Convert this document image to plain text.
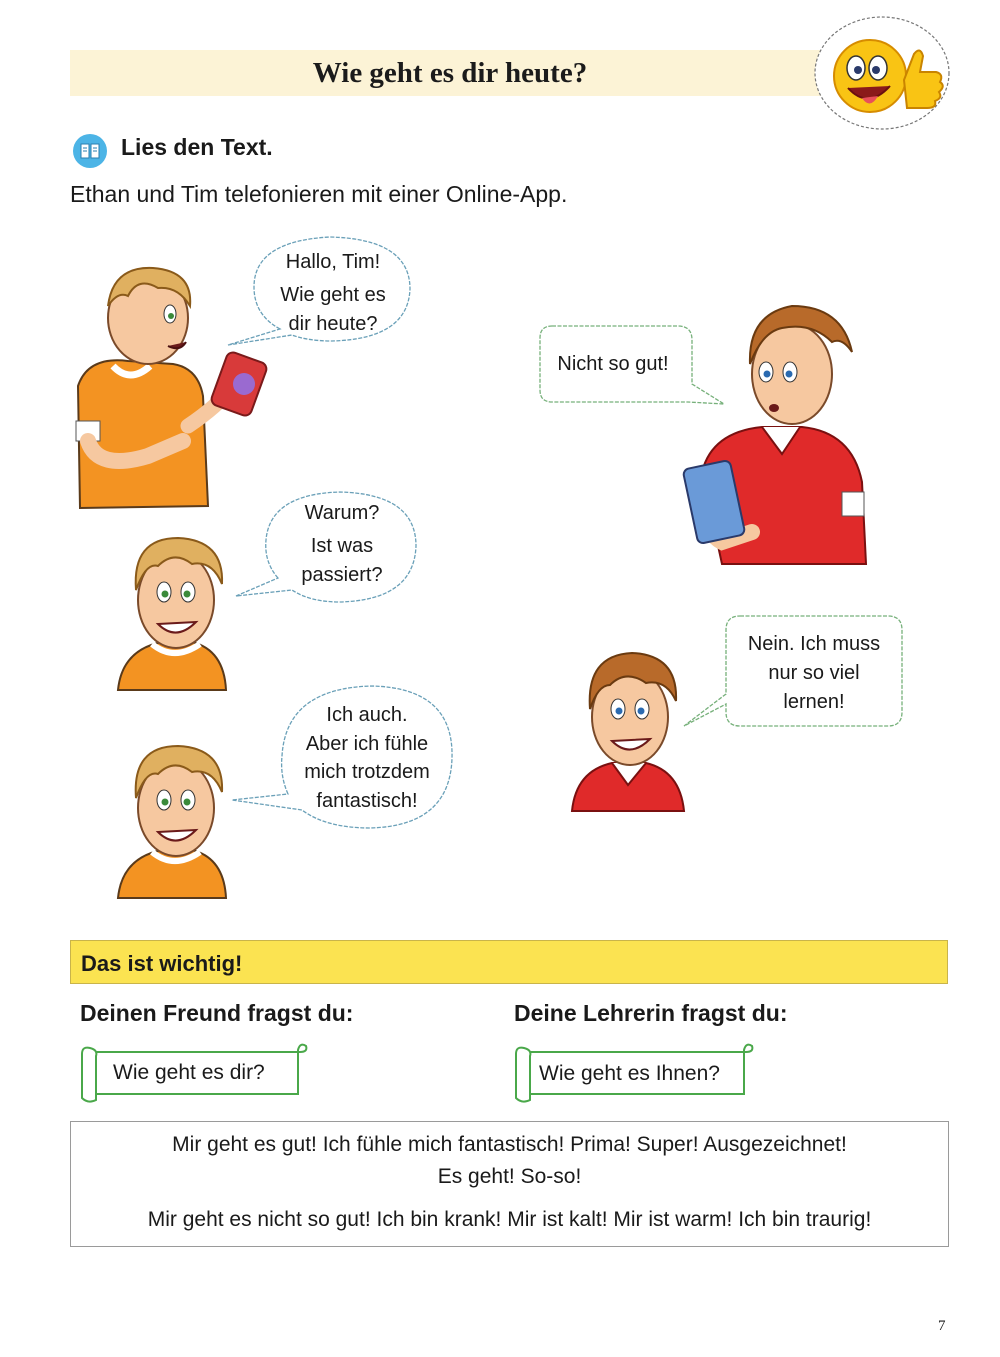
Wie geht es dir heute?
Lies den Text.
Ethan und Tim telefonieren mit einer Online-App.
Hallo, Tim!
Wie geht es
dir heute?
Nicht so gut!
Warum?
Ist was
passiert?
Nein. Ich muss
nur so viel
lernen!
Ich auch.
Aber ich fühle
mich trotzdem
fantastisch!
Das ist wichtig!
Deinen Freund fragst du:	Deine Lehrerin fragst du:
Wie geht es dir?	Wie geht es Ihnen?
Mir geht es gut! Ich fühle mich fantastisch! Prima! Super! Ausgezeichnet!
Es geht! So-so!
Mir geht es nicht so gut! Ich bin krank! Mir ist kalt! Mir ist warm! Ich bin traurig!
7
